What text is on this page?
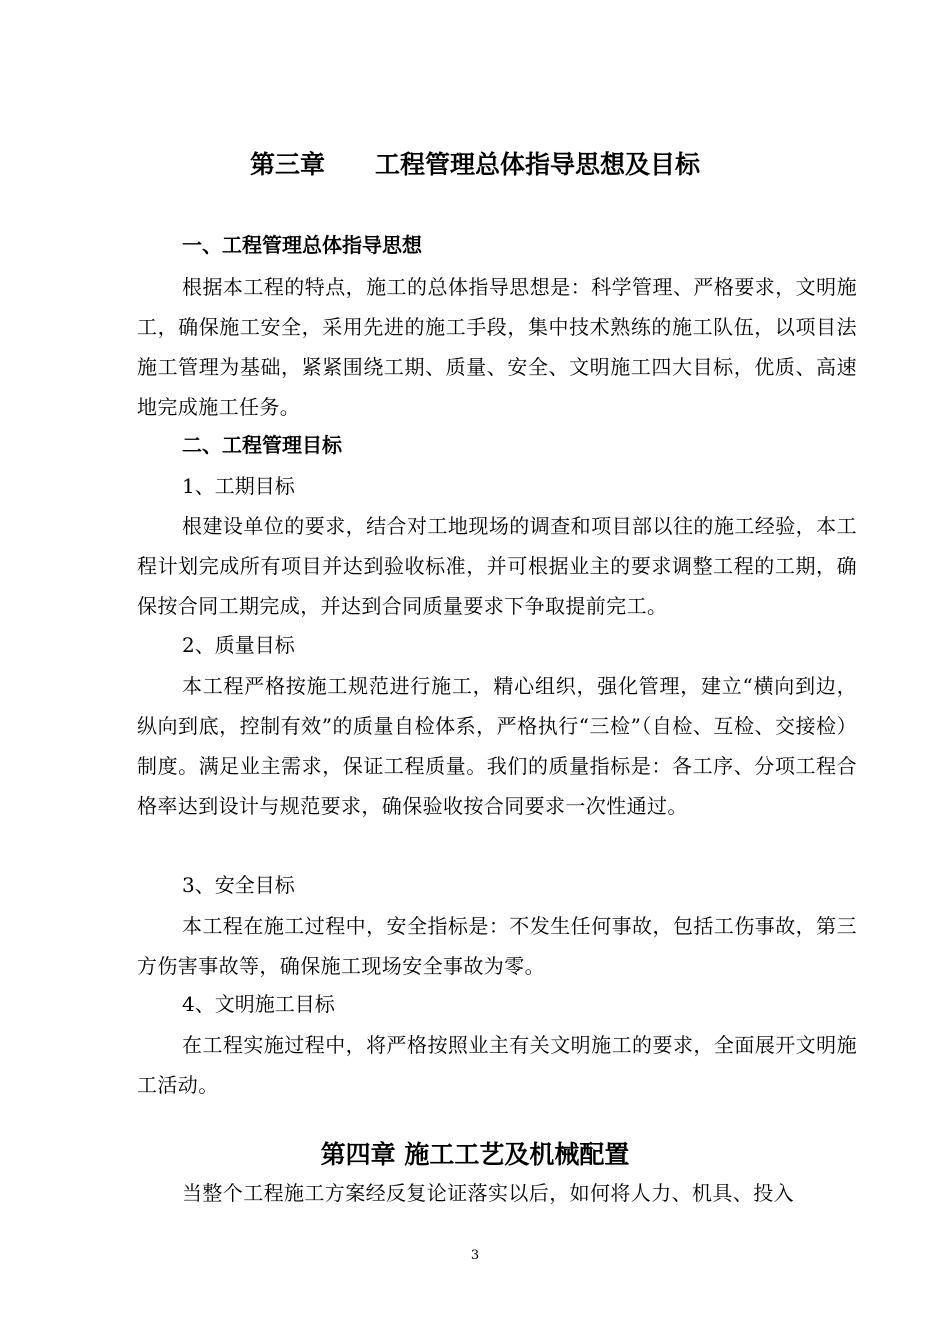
第三章　　工程管理总体指导思想及目标
一、工程管理总体指导思想
根据本工程的特点，施工的总体指导思想是：科学管理、严格要求，文明施工，确保施工安全，采用先进的施工手段，集中技术熟练的施工队伍，以项目法施工管理为基础，紧紧围绕工期、质量、安全、文明施工四大目标，优质、高速地完成施工任务。
二、工程管理目标
1、工期目标
根建设单位的要求，结合对工地现场的调查和项目部以往的施工经验，本工程计划完成所有项目并达到验收标准，并可根据业主的要求调整工程的工期，确保按合同工期完成，并达到合同质量要求下争取提前完工。
2、质量目标
本工程严格按施工规范进行施工，精心组织，强化管理，建立“横向到边，纵向到底，控制有效”的质量自检体系，严格执行“三检”（自检、互检、交接检）制度。满足业主需求，保证工程质量。我们的质量指标是：各工序、分项工程合格率达到设计与规范要求，确保验收按合同要求一次性通过。
3、安全目标
本工程在施工过程中，安全指标是：不发生任何事故，包括工伤事故，第三方伤害事故等，确保施工现场安全事故为零。
4、文明施工目标
在工程实施过程中，将严格按照业主有关文明施工的要求，全面展开文明施工活动。
第四章 施工工艺及机械配置
当整个工程施工方案经反复论证落实以后，如何将人力、机具、投入
3
